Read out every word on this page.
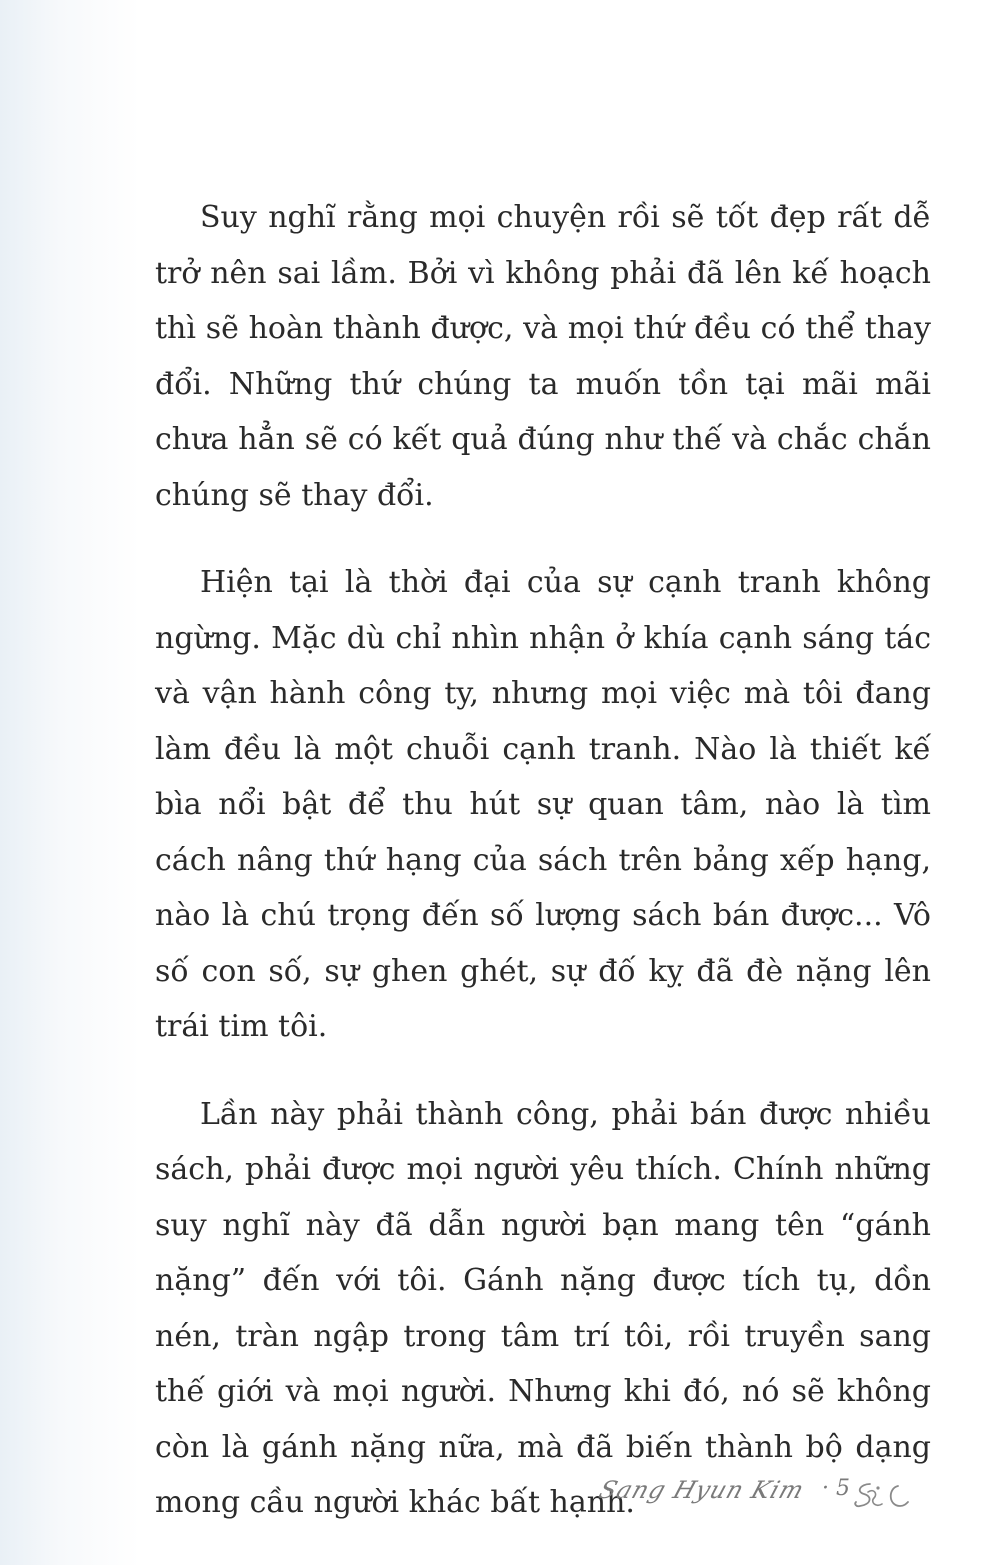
Suy nghĩ rằng mọi chuyện rồi sẽ tốt đẹp rất dễ trở nên sai lầm. Bởi vì không phải đã lên kế hoạch thì sẽ hoàn thành được, và mọi thứ đều có thể thay đổi. Những thứ chúng ta muốn tồn tại mãi mãi chưa hẳn sẽ có kết quả đúng như thế và chắc chắn chúng sẽ thay đổi.

Hiện tại là thời đại của sự cạnh tranh không ngừng. Mặc dù chỉ nhìn nhận ở khía cạnh sáng tác và vận hành công ty, nhưng mọi việc mà tôi đang làm đều là một chuỗi cạnh tranh. Nào là thiết kế bìa nổi bật để thu hút sự quan tâm, nào là tìm cách nâng thứ hạng của sách trên bảng xếp hạng, nào là chú trọng đến số lượng sách bán được... Vô số con số, sự ghen ghét, sự đố kỵ đã đè nặng lên trái tim tôi.

Lần này phải thành công, phải bán được nhiều sách, phải được mọi người yêu thích. Chính những suy nghĩ này đã dẫn người bạn mang tên “gánh nặng” đến với tôi. Gánh nặng được tích tụ, dồn nén, tràn ngập trong tâm trí tôi, rồi truyền sang thế giới và mọi người. Nhưng khi đó, nó sẽ không còn là gánh nặng nữa, mà đã biến thành bộ dạng mong cầu người khác bất hạnh.

Sang Hyun Kim · 5
